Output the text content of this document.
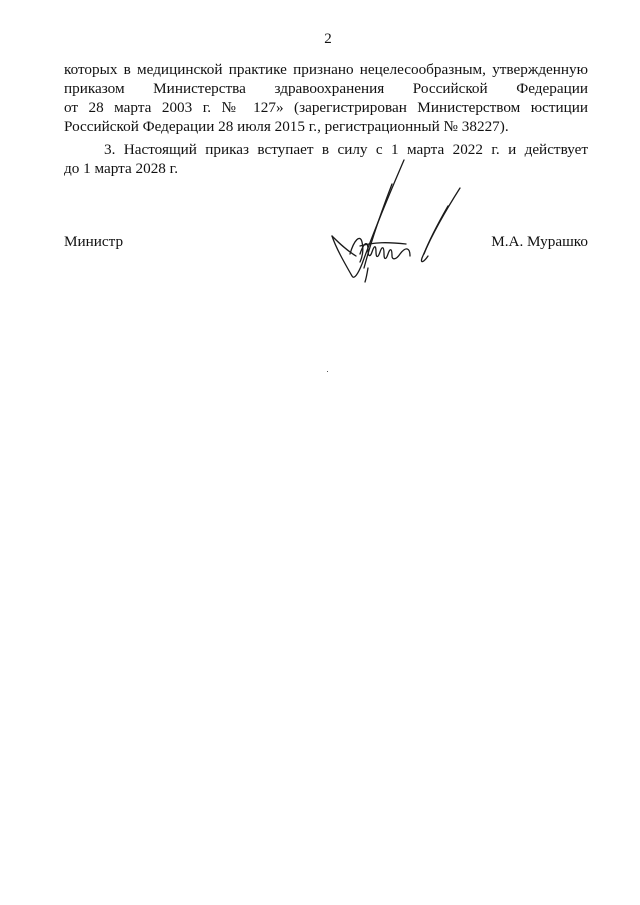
2
которых в медицинской практике признано нецелесообразным, утвержденную
приказом Министерства здравоохранения Российской Федерации
от 28 марта 2003 г. № 127» (зарегистрирован Министерством юстиции
Российской Федерации 28 июля 2015 г., регистрационный № 38227).
3. Настоящий приказ вступает в силу с 1 марта 2022 г. и действует
до 1 марта 2028 г.
Министр	М.А. Мурашко
